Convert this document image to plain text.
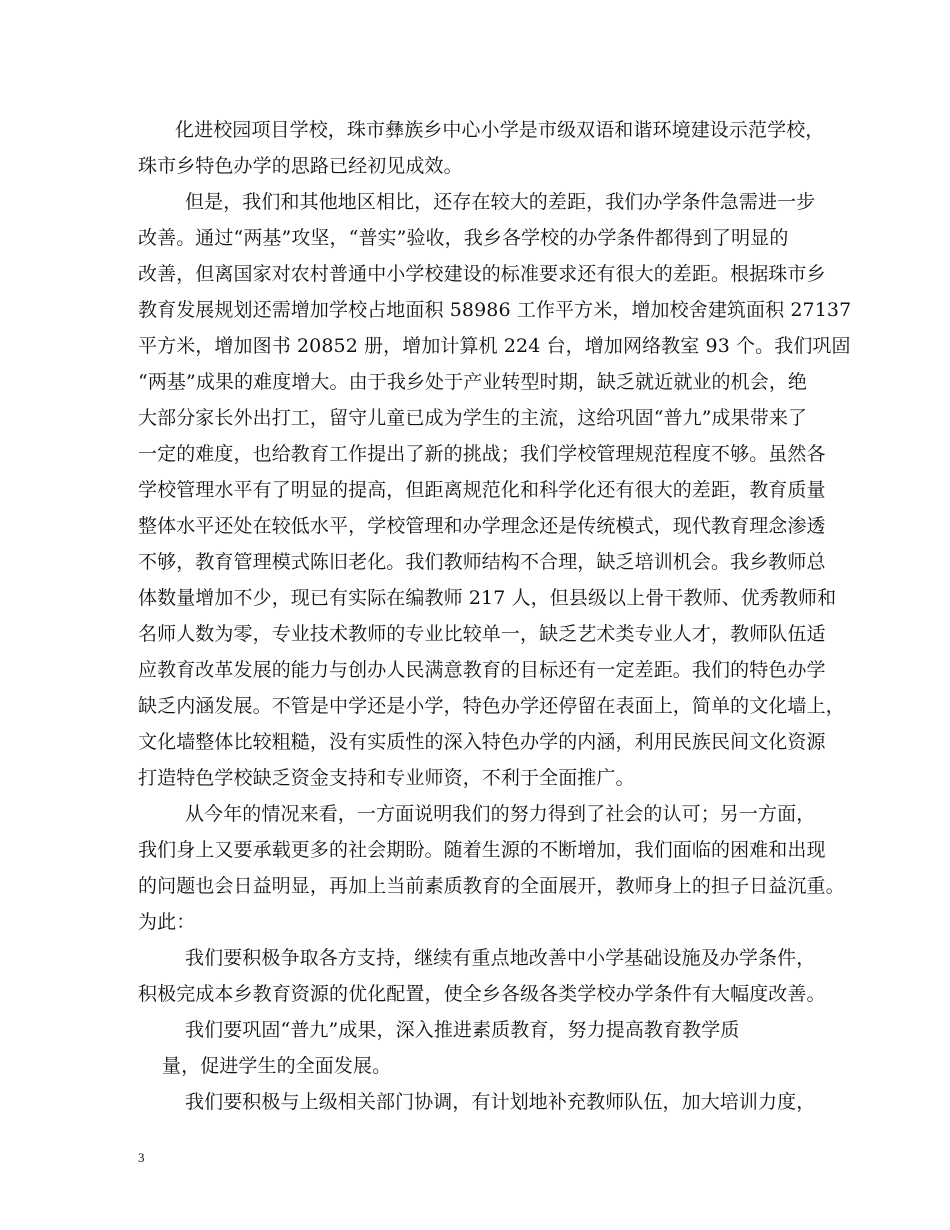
化进校园项目学校，珠市彝族乡中心小学是市级双语和谐环境建设示范学校，
珠市乡特色办学的思路已经初见成效。
但是，我们和其他地区相比，还存在较大的差距，我们办学条件急需进一步
改善。通过“两基”攻坚，“普实”验收，我乡各学校的办学条件都得到了明显的
改善，但离国家对农村普通中小学校建设的标准要求还有很大的差距。根据珠市乡
教育发展规划还需增加学校占地面积 58986 工作平方米，增加校舍建筑面积 27137
平方米，增加图书 20852 册，增加计算机 224 台，增加网络教室 93 个。我们巩固
“两基”成果的难度增大。由于我乡处于产业转型时期，缺乏就近就业的机会，绝
大部分家长外出打工，留守儿童已成为学生的主流，这给巩固“普九”成果带来了
一定的难度，也给教育工作提出了新的挑战；我们学校管理规范程度不够。虽然各
学校管理水平有了明显的提高，但距离规范化和科学化还有很大的差距，教育质量
整体水平还处在较低水平，学校管理和办学理念还是传统模式，现代教育理念渗透
不够，教育管理模式陈旧老化。我们教师结构不合理，缺乏培训机会。我乡教师总
体数量增加不少，现已有实际在编教师 217 人，但县级以上骨干教师、优秀教师和
名师人数为零，专业技术教师的专业比较单一，缺乏艺术类专业人才，教师队伍适
应教育改革发展的能力与创办人民满意教育的目标还有一定差距。我们的特色办学
缺乏内涵发展。不管是中学还是小学，特色办学还停留在表面上，简单的文化墙上，
文化墙整体比较粗糙，没有实质性的深入特色办学的内涵，利用民族民间文化资源
打造特色学校缺乏资金支持和专业师资，不利于全面推广。
从今年的情况来看，一方面说明我们的努力得到了社会的认可；另一方面，
我们身上又要承载更多的社会期盼。随着生源的不断增加，我们面临的困难和出现
的问题也会日益明显，再加上当前素质教育的全面展开，教师身上的担子日益沉重。
为此：
我们要积极争取各方支持，继续有重点地改善中小学基础设施及办学条件，
积极完成本乡教育资源的优化配置，使全乡各级各类学校办学条件有大幅度改善。
我们要巩固“普九”成果，深入推进素质教育，努力提高教育教学质
量，促进学生的全面发展。
我们要积极与上级相关部门协调，有计划地补充教师队伍，加大培训力度，
3
